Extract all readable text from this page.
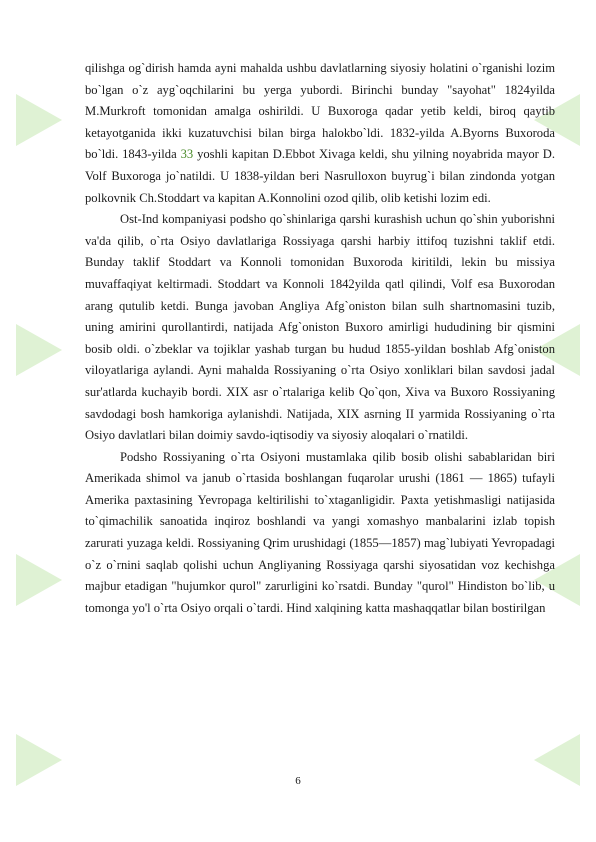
qilishga og`dirish hamda ayni mahalda ushbu davlatlarning siyosiy holatini o`rganishi lozim bo`lgan o`z ayg`oqchilarini bu yerga yubordi. Birinchi bunday "sayohat" 1824yilda M.Murkroft tomonidan amalga oshirildi. U Buxoroga qadar yetib keldi, biroq qaytib ketayotganida ikki kuzatuvchisi bilan birga halokbo`ldi. 1832-yilda A.Byorns Buxoroda bo`ldi. 1843-yilda 33 yoshli kapitan D.Ebbot Xivaga keldi, shu yilning noyabrida mayor D. Volf Buxoroga jo`natildi. U 1838-yildan beri Nasrulloxon buyrug`i bilan zindonda yotgan polkovnik Ch.Stoddart va kapitan A.Konnolini ozod qilib, olib ketishi lozim edi.

Ost-Ind kompaniyasi podsho qo`shinlariga qarshi kurashish uchun qo`shin yuborishni va'da qilib, o`rta Osiyo davlatlariga Rossiyaga qarshi harbiy ittifoq tuzishni taklif etdi. Bunday taklif Stoddart va Konnoli tomonidan Buxoroda kiritildi, lekin bu missiya muvaffaqiyat keltirmadi. Stoddart va Konnoli 1842yilda qatl qilindi, Volf esa Buxorodan arang qutulib ketdi. Bunga javoban Angliya Afg`oniston bilan sulh shartnomasini tuzib, uning amirini qurollantirdi, natijada Afg`oniston Buxoro amirligi hududining bir qismini bosib oldi. o`zbeklar va tojiklar yashab turgan bu hudud 1855-yildan boshlab Afg`oniston viloyatlariga aylandi. Ayni mahalda Rossiyaning o`rta Osiyo xonliklari bilan savdosi jadal sur'atlarda kuchayib bordi. XIX asr o`rtalariga kelib Qo`qon, Xiva va Buxoro Rossiyaning savdodagi bosh hamkoriga aylanishdi. Natijada, XIX asrning II yarmida Rossiyaning o`rta Osiyo davlatlari bilan doimiy savdo-iqtisodiy va siyosiy aloqalari o`rnatildi.

Podsho Rossiyaning o`rta Osiyoni mustamlaka qilib bosib olishi sabablaridan biri Amerikada shimol va janub o`rtasida boshlangan fuqarolar urushi (1861 — 1865) tufayli Amerika paxtasining Yevropaga keltirilishi to`xtaganligidir. Paxta yetishmasligi natijasida to`qimachilik sanoatida inqiroz boshlandi va yangi xomashyo manbalarini izlab topish zarurati yuzaga keldi. Rossiyaning Qrim urushidagi (1855—1857) mag`lubiyati Yevropadagi o`z o`rnini saqlab qolishi uchun Angliyaning Rossiyaga qarshi siyosatidan voz kechishga majbur etadigan "hujumkor qurol" zarurligini ko`rsatdi. Bunday "qurol" Hindiston bo`lib, u tomonga yo'l o`rta Osiyo orqali o`tardi. Hind xalqining katta mashaqqatlar bilan bostirilgan

6
